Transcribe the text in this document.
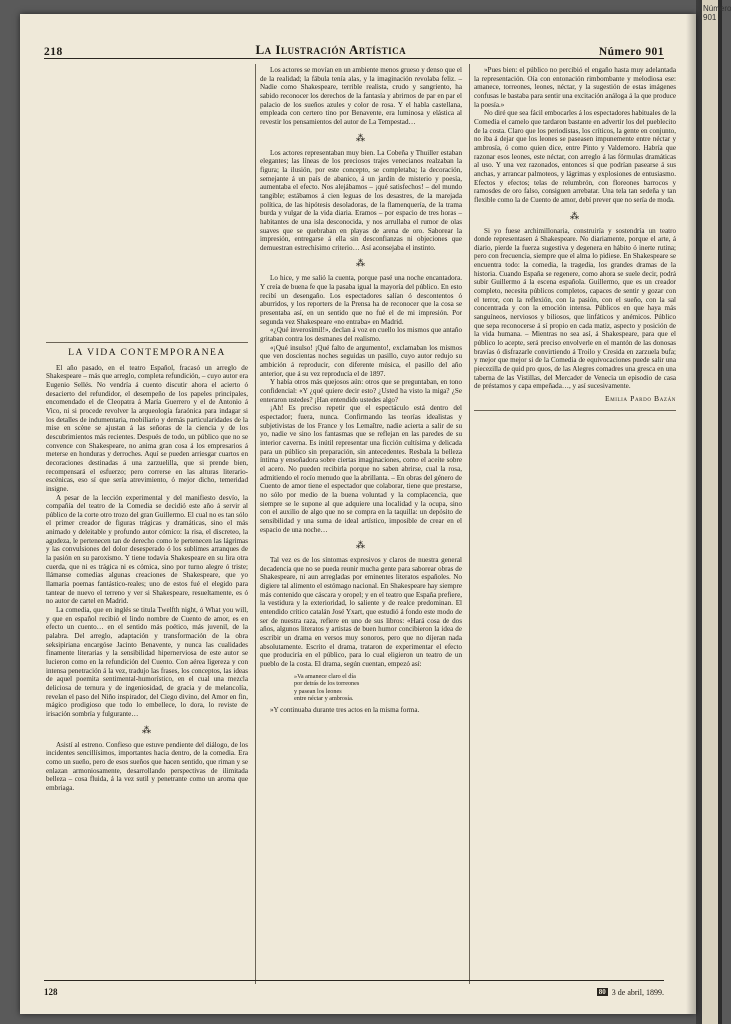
Número 901
218	La Ilustración Artística	Número 901
LA VIDA CONTEMPORANEA

El año pasado, en el teatro Español, fracasó un arreglo de Shakespeare – más que arreglo, completa refundición, – cuyo autor era Eugenio Sellés. No vendría á cuento discutir ahora el acierto ó desacierto del refundidor, el desempeño de los papeles principales, encomendado el de Cleopatra á María Guerrero y el de Antonio á Vico, ni si procede revolver la arqueología faraónica para indagar si los detalles de indumentaria, mobiliario y demás particularidades de la mise en scène se ajustan á las señoras de la ciencia y de los descubrimientos más recientes. Después de todo, un público que no se convence con Shakespeare, no anima gran cosa á los empresarios á meterse en honduras y derroches. Aquí se pueden arriesgar cuartos en decoraciones destinadas á una zarzuelilla, que si prende bien, recompensará el esfuerzo; pero correrse en las alturas literario-escénicas, eso sí que sería atrevimiento, ó mejor dicho, temeridad insigne.

A pesar de la lección experimental y del manifiesto desvío, la compañía del teatro de la Comedia se decidió este año á servir al público de la corte otro trozo del gran Guillermo. El cual no es tan sólo el primer creador de figuras trágicas y dramáticas, sino el más animado y deleitable y profundo autor cómico: la risa, el discreteo, la agudeza, le pertenecen tan de derecho como le pertenecen las lágrimas y las convulsiones del dolor desesperado ó los sublimes arranques de la pasión en su paroxismo. Y tiene todavía Shakespeare en su lira otra cuerda, que ni es trágica ni es cómica, sino por turno alegre ó triste; llámanse comedias algunas creaciones de Shakespeare, que yo llamaría poemas fantástico-reales; uno de estos fué el elegido para tantear de nuevo el terreno y ver si Shakespeare, resueltamente, es ó no autor de cartel en Madrid.

La comedia, que en inglés se titula Twelfth night, ó What you will, y que en español recibió el lindo nombre de Cuento de amor, es en efecto un cuento… en el sentido más poético, más juvenil, de la palabra. Del arreglo, adaptación y transformación de la obra seksipiriana encargóse Jacinto Benavente, y nunca las cualidades finamente literarias y la sensibilidad hipernerviosa de este autor se lucieron como en la refundición del Cuento. Con aérea ligereza y con intensa penetración á la vez, tradujo las frases, los conceptos, las ideas de aquel poemita sentimental-humorístico, en el cual una mezcla deliciosa de ternura y de ingeniosidad, de gracia y de melancolía, revelan el paso del Niño inspirador, del Ciego divino, del Amor en fin, mágico prodigioso que todo lo embellece, lo dora, lo reviste de irisación sombría y fulgurante…

⁂

Asistí al estreno. Confieso que estuve pendiente del diálogo, de los incidentes sencillísimos, importantes hacia dentro, de la comedia. Era como un sueño, pero de esos sueños que hacen sentido, que riman y se enlazan armoniosamente, desarrollando perspectivas de ilimitada belleza – cosa fluida, á la vez sutil y penetrante como un aroma que embriaga.

Los actores se movían en un ambiente menos grueso y denso que el de la realidad; la fábula tenía alas, y la imaginación revolaba feliz. – Nadie como Shakespeare, terrible realista, crudo y sangriento, ha sabido reconocer los derechos de la fantasía y abrirnos de par en par el palacio de los sueños azules y color de rosa. Y el habla castellana, empleada con certero tino por Benavente, era luminosa y elástica al revestir los pensamientos del autor de La Tempestad…

⁂

Los actores representaban muy bien. La Cobeña y Thuiller estaban elegantes; las líneas de los preciosos trajes venecianos realzaban la figura; la ilusión, por este concepto, se completaba; la decoración, semejante á un país de abanico, á un jardín de misterio y poesía, aumentaba el efecto. Nos alejábamos – ¡qué satisfechos! – del mundo tangible; estábamos á cien leguas de los desastres, de la marejada política, de las hipótesis desoladoras, de la flamenquería, de la trama burda y vulgar de la vida diaria. Eramos – por espacio de tres horas – habitantes de una isla desconocida, y nos arrullaba el rumor de olas suaves que se quebraban en playas de arena de oro. Saborear la impresión, entregarse á ella sin desconfianzas ni objeciones que demuestran estrechísimo criterio… Así aconsejaba el instinto.

⁂

Lo hice, y me salió la cuenta, porque pasé una noche encantadora. Y creía de buena fe que la pasaba igual la mayoría del público. En esto recibí un desengaño. Los espectadores salían ó descontentos ó aburridos, y los reporters de la Prensa ha de reconocer que la cosa se presentaba así, en un sentido que no fué el de mi impresión. Por segunda vez Shakespeare «no entraba» en Madrid.

«¿Qué inverosímil!», declan á voz en cuello los mismos que antaño gritaban contra los desmanes del realismo.

«¡Qué insulso! ¡Qué falto de argumento!, exclamaban los mismos que ven doscientas noches seguidas un pasillo, cuyo autor redujo su ambición á reproducir, con diferente música, el pasillo del año anterior, que á su vez reproducía el de 1897.

Y había otros más quejosos aún: otros que se preguntaban, en tono confidencial: «Y ¿qué quiere decir esto? ¿Usted ha visto la miga? ¿Se enteraron ustedes? ¡Han entendido ustedes algo?

¡Ah! Es preciso repetir que el espectáculo está dentro del espectador; fuera, nunca. Confirmando las teorías idealistas y subjetivistas de los France y los Lemaître, nadie acierta a salir de su yo, nadie ve sino los fantasmas que se reflejan en las paredes de su interior caverna. Es inútil representar una ficción cultísima y delicada para un público sin preparación, sin antecedentes. Resbala la belleza íntima y ensoñadora sobre ciertas imaginaciones, como el aceite sobre el acero. No pueden recibirla porque no saben abrirse, cual la rosa, admitiendo el rocío menudo que la abrillanta. – En obras del género de Cuento de amor tiene el espectador que colaborar, tiene que prestarse, no sólo por medio de la buena voluntad y la complacencia, que siempre se le supone al que adquiere una localidad y la ocupa, sino con el auxilio de algo que no se compra en la taquilla: un depósito de sensibilidad y una suma de ideal artístico, imposible de crear en el espacio de una noche…

⁂

Tal vez es de los síntomas expresivos y claros de nuestra general decadencia que no se pueda reunir mucha gente para saborear obras de Shakespeare, ni aun arregladas por eminentes literatos españoles. No digiere tal alimento el estómago nacional. En Shakespeare hay siempre más contenido que cáscara y oropel; y en el teatro que España prefiere, la vestidura y la exterioridad, lo saliente y de realce predominan. El entendido crítico catalán José Yxart, que estudió á fondo este modo de ser de nuestra raza, refiere en uno de sus libros: «Hará cosa de dos años, algunos literatos y artistas de buen humor concibieron la idea de escribir un drama en versos muy sonoros, pero que no dijeran nada absolutamente. Escrito el drama, trataron de experimentar el efecto que produciría en el público, para lo cual eligieron un teatro de un pueblo de la costa. El drama, según cuentan, empezó así:

»Va amanece claro el día
por detrás de los torreones
y pasean los leones
entre néctar y ambrosía.

»Y continuaba durante tres actos en la misma forma.

»Pues bien: el público no percibió el engaño hasta muy adelantada la representación. Oía con entonación rimbombante y melodiosa ese: amanece, torreones, leones, néctar, y la sugestión de estas imágenes confusas le bastaba para sentir una excitación análoga á la que produce la poesía.»

No diré que sea fácil embocarles á los espectadores habituales de la Comedia el camelo que tardaron bastante en advertir los del pueblecito de la costa. Claro que los periodistas, los críticos, la gente en conjunto, no iba á dejar que los leones se paseasen impunemente entre néctar y ambrosía, ó como quien dice, entre Pinto y Valdemoro. Habría que razonar esos leones, este néctar, con arreglo á las fórmulas dramáticas al uso. Y una vez razonados, entonces sí que podrían pasearse á sus anchas, y arrancar palmoteos, y lágrimas y explosiones de entusiasmo. Efectos y efectos; telas de relumbrón, con floreones barrocos y ramosdes de oro falso, consiguen arrebatar. Una tela tan sedeña y tan flexible como la de Cuento de amor, debí prever que no sería de moda.

⁂

Si yo fuese archimillonaria, construiría y sostendría un teatro donde representasen á Shakespeare. No diariamente, porque el arte, á diario, pierde la fuerza sugestiva y degenera en hábito ó inerte rutina; pero con frecuencia, siempre que el alma lo pidiese. En Shakespeare se encuentra todo: la comedia, la tragedia, los grandes dramas de la historia. Cuando España se regenere, como ahora se suele decir, podrá subir Guillermo á la escena española. Guillermo, que es un creador completo, necesita públicos completos, capaces de sentir y gozar con el terror, con la reflexión, con la pasión, con el sueño, con la sal concentrada y con la emoción intensa. Públicos en que haya más sanguíneos, nerviosos y biliosos, que linfáticos y anémicos. Público que sepa reconocerse á sí propio en cada matiz, aspecto y posición de la vida humana. – Mientras no sea así, á Shakespeare, para que el público lo acepte, será preciso envolverle en el mantón de las donosas bravías ó disfrazarle convirtiendo á Troilo y Cresida en zarzuela bufa; y mejor que mejor si de la Comedia de equivocaciones puede salir una piecezilla de quid pro quos, de las Alegres comadres una gresca en una taberna de las Vistillas, del Mercader de Venecia un episodio de casa de préstamos y capa empeñada…, y así sucesivamente.

Emilia Pardo Bazán
128	80 3 de abril, 1899.
